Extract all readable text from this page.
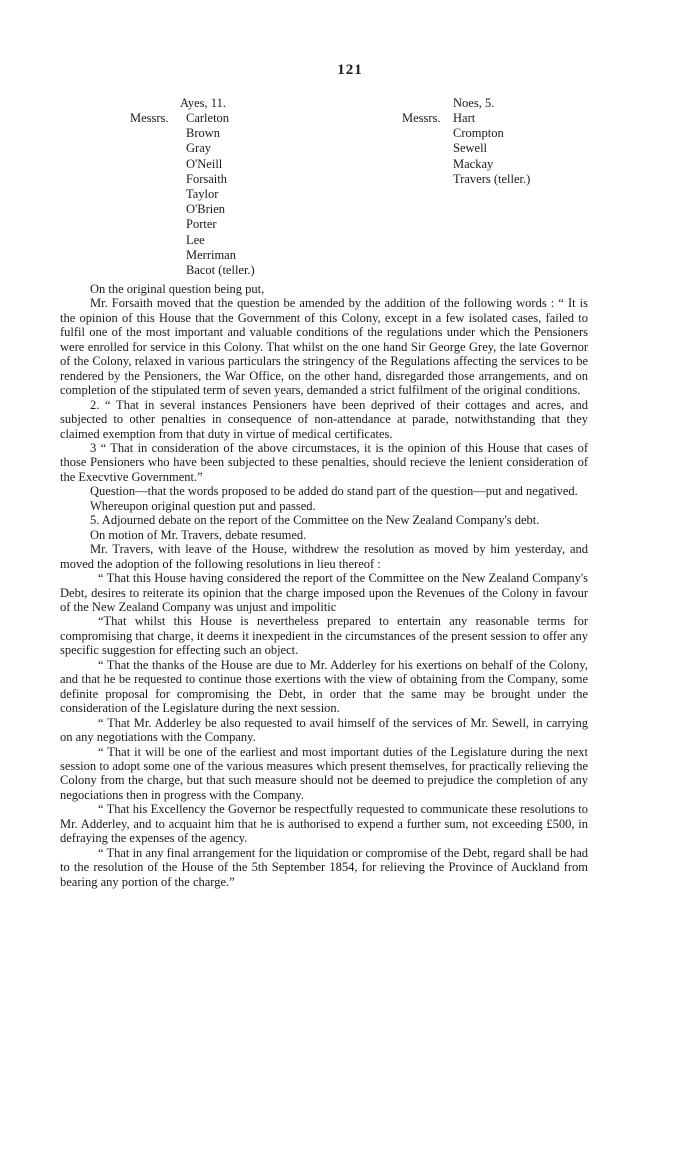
121
Ayes, 11.
Messrs. Carleton
Brown
Gray
O'Neill
Forsaith
Taylor
O'Brien
Porter
Lee
Merriman
Bacot (teller.)
Noes, 5.
Messrs. Hart
Crompton
Sewell
Mackay
Travers (teller.)

On the original question being put,

Mr. Forsaith moved that the question be amended by the addition of the following words : “ It is the opinion of this House that the Government of this Colony, except in a few isolated cases, failed to fulfil one of the most important and valuable conditions of the regulations under which the Pensioners were enrolled for service in this Colony. That whilst on the one hand Sir George Grey, the late Governor of the Colony, relaxed in various particulars the stringency of the Regulations affecting the services to be rendered by the Pensioners, the War Office, on the other hand, disregarded those arrangements, and on completion of the stipulated term of seven years, demanded a strict fulfilment of the original conditions.

2. “ That in several instances Pensioners have been deprived of their cottages and acres, and subjected to other penalties in consequence of non-attendance at parade, notwithstanding that they claimed exemption from that duty in virtue of medical certificates.

3 “ That in consideration of the above circumstaces, it is the opinion of this House that cases of those Pensioners who have been subjected to these penalties, should recieve the lenient consideration of the Execvtive Government.”

Question—that the words proposed to be added do stand part of the question—put and negatived.

Whereupon original question put and passed.

5. Adjourned debate on the report of the Committee on the New Zealand Company's debt.

On motion of Mr. Travers, debate resumed.

Mr. Travers, with leave of the House, withdrew the resolution as moved by him yesterday, and moved the adoption of the following resolutions in lieu thereof :

“ That this House having considered the report of the Committee on the New Zealand Company's Debt, desires to reiterate its opinion that the charge imposed upon the Revenues of the Colony in favour of the New Zealand Company was unjust and impolitic

“That whilst this House is nevertheless prepared to entertain any reasonable terms for compromising that charge, it deems it inexpedient in the circumstances of the present session to offer any specific suggestion for effecting such an object.

“ That the thanks of the House are due to Mr. Adderley for his exertions on behalf of the Colony, and that he be requested to continue those exertions with the view of obtaining from the Company, some definite proposal for compromising the Debt, in order that the same may be brought under the consideration of the Legislature during the next session.

“ That Mr. Adderley be also requested to avail himself of the services of Mr. Sewell, in carrying on any negotiations with the Company.

“ That it will be one of the earliest and most important duties of the Legislature during the next session to adopt some one of the various measures which present themselves, for practically relieving the Colony from the charge, but that such measure should not be deemed to prejudice the completion of any negociations then in progress with the Company.

“ That his Excellency the Governor be respectfully requested to communicate these resolutions to Mr. Adderley, and to acquaint him that he is authorised to expend a further sum, not exceeding £500, in defraying the expenses of the agency.

“ That in any final arrangement for the liquidation or compromise of the Debt, regard shall be had to the resolution of the House of the 5th September 1854, for relieving the Province of Auckland from bearing any portion of the charge.”
